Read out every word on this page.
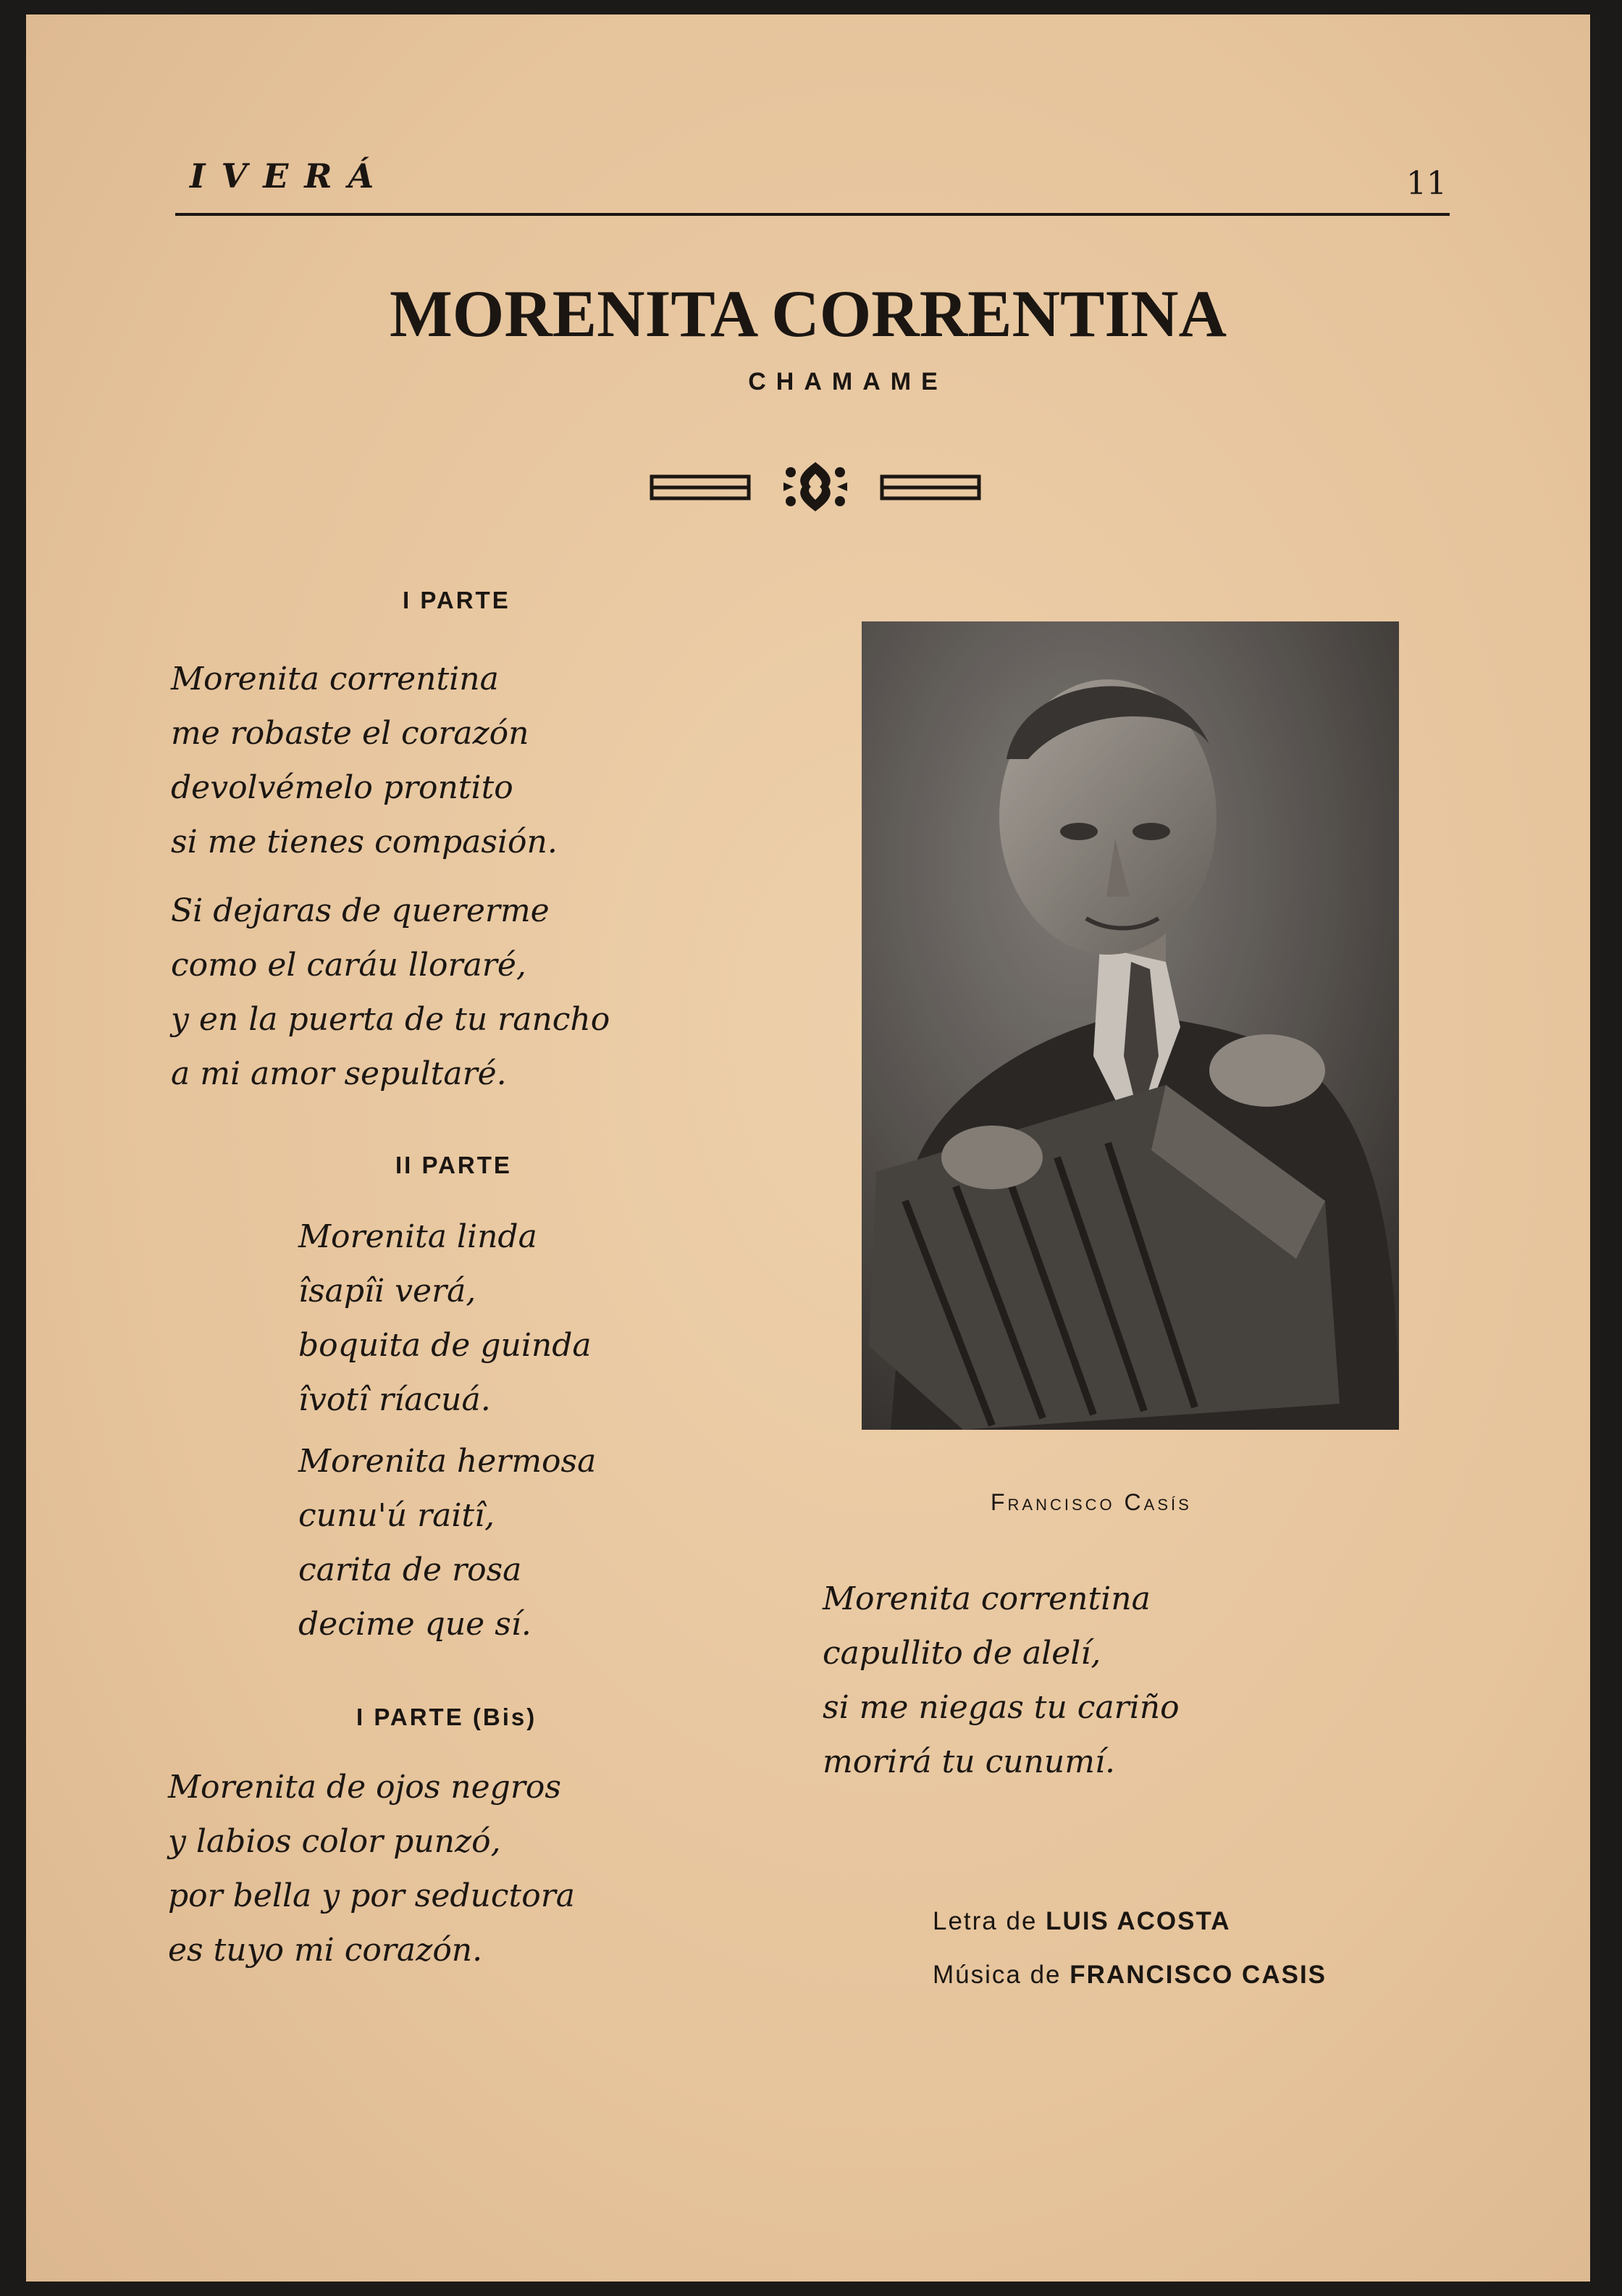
IVERÁ	11
MORENITA CORRENTINA
CHAMAME
I PARTE

Morenita correntina
me robaste el corazón
devolvémelo prontito
si me tienes compasión.

Si dejaras de quererme
como el caráu lloraré,
y en la puerta de tu rancho
a mi amor sepultaré.

II PARTE

Morenita linda
îsapîi verá,
boquita de guinda
îvotî ríacuá.

Morenita hermosa
cunu'ú raitî,
carita de rosa
decime que sí.

I PARTE (Bis)

Morenita de ojos negros
y labios color punzó,
por bella y por seductora
es tuyo mi corazón.

Morenita correntina
capullito de alelí,
si me niegas tu cariño
morirá tu cunumí.

Francisco Casís
Letra de LUIS ACOSTA
Música de FRANCISCO CASIS
